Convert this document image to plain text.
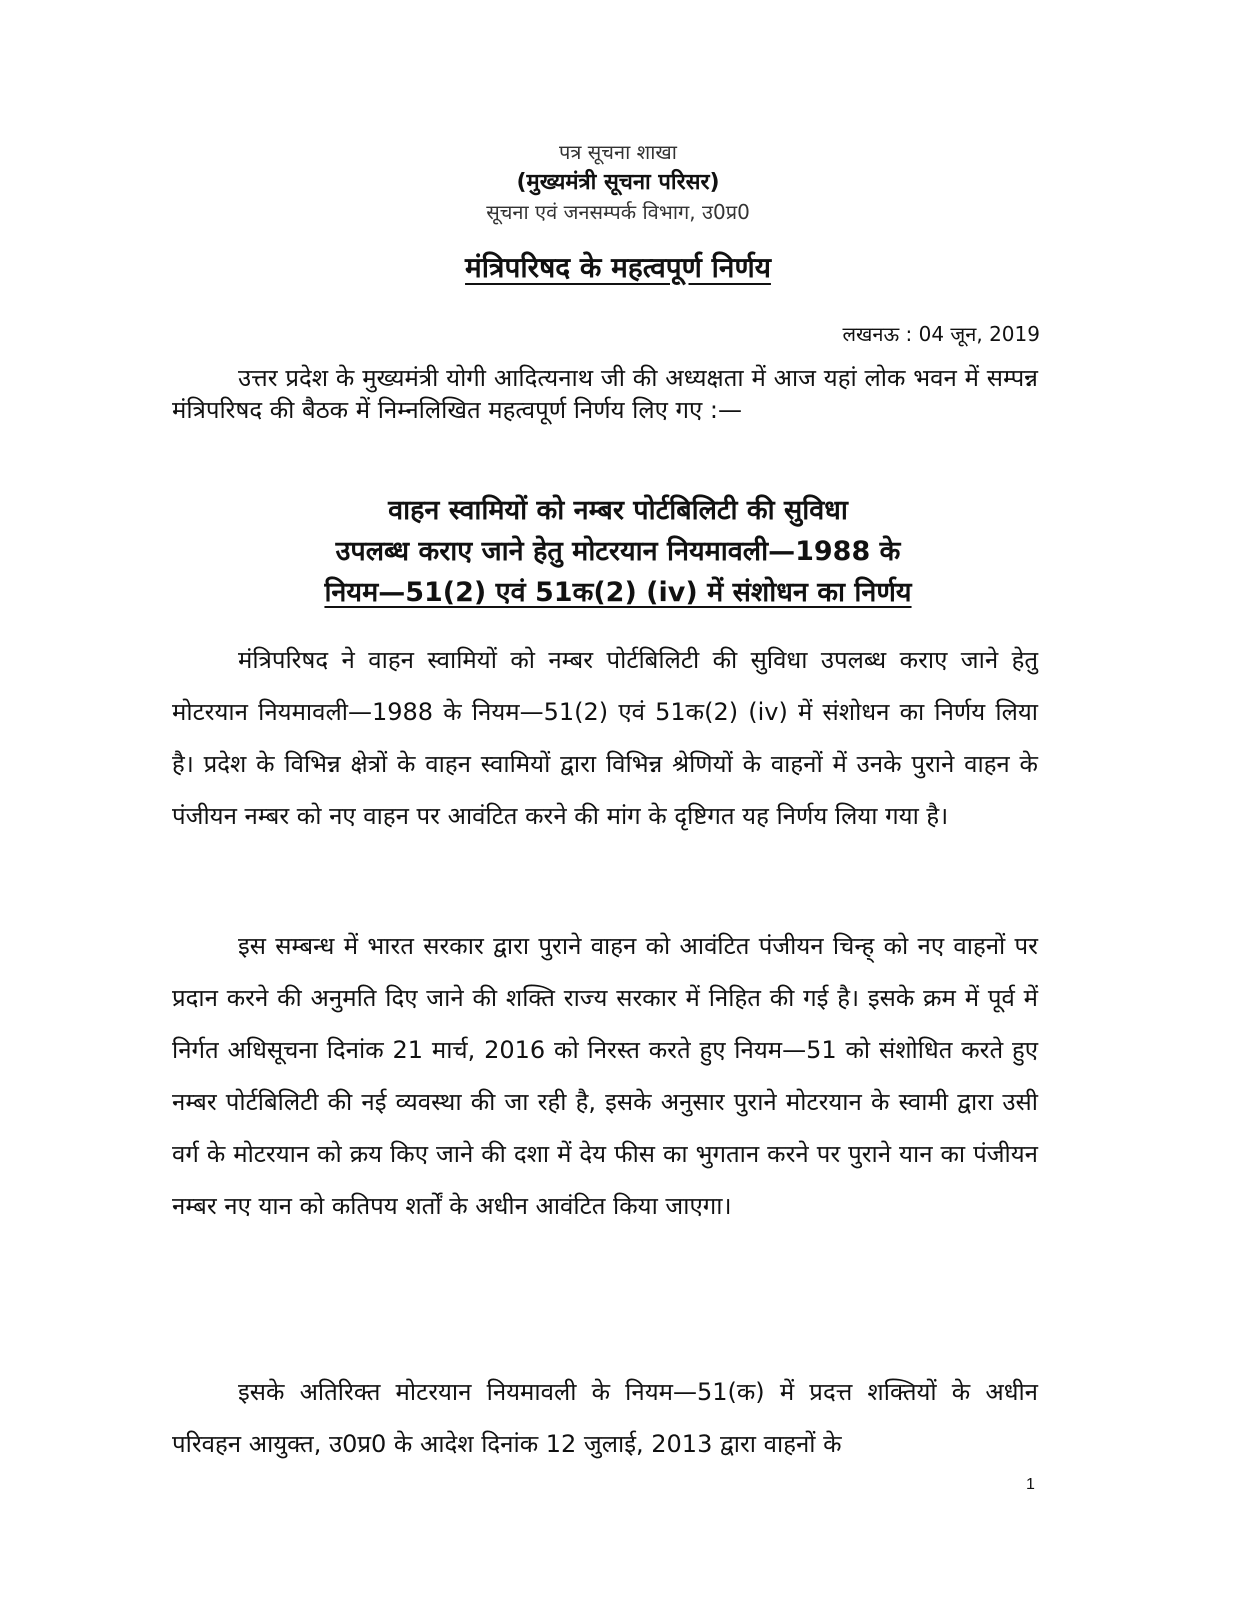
पत्र सूचना शाखा
(मुख्यमंत्री सूचना परिसर)
सूचना एवं जनसम्पर्क विभाग, उ0प्र0
मंत्रिपरिषद के महत्वपूर्ण निर्णय
लखनऊ : 04 जून, 2019

उत्तर प्रदेश के मुख्यमंत्री योगी आदित्यनाथ जी की अध्यक्षता में आज यहां लोक भवन में सम्पन्न मंत्रिपरिषद की बैठक में निम्नलिखित महत्वपूर्ण निर्णय लिए गए :—

वाहन स्वामियों को नम्बर पोर्टबिलिटी की सुविधा
उपलब्ध कराए जाने हेतु मोटरयान नियमावली—1988 के
नियम—51(2) एवं 51क(2) (iv) में संशोधन का निर्णय

मंत्रिपरिषद ने वाहन स्वामियों को नम्बर पोर्टबिलिटी की सुविधा उपलब्ध कराए जाने हेतु मोटरयान नियमावली—1988 के नियम—51(2) एवं 51क(2) (iv) में संशोधन का निर्णय लिया है। प्रदेश के विभिन्न क्षेत्रों के वाहन स्वामियों द्वारा विभिन्न श्रेणियों के वाहनों में उनके पुराने वाहन के पंजीयन नम्बर को नए वाहन पर आवंटित करने की मांग के दृष्टिगत यह निर्णय लिया गया है।

इस सम्बन्ध में भारत सरकार द्वारा पुराने वाहन को आवंटित पंजीयन चिन्ह् को नए वाहनों पर प्रदान करने की अनुमति दिए जाने की शक्ति राज्य सरकार में निहित की गई है। इसके क्रम में पूर्व में निर्गत अधिसूचना दिनांक 21 मार्च, 2016 को निरस्त करते हुए नियम—51 को संशोधित करते हुए नम्बर पोर्टबिलिटी की नई व्यवस्था की जा रही है, इसके अनुसार पुराने मोटरयान के स्वामी द्वारा उसी वर्ग के मोटरयान को क्रय किए जाने की दशा में देय फीस का भुगतान करने पर पुराने यान का पंजीयन नम्बर नए यान को कतिपय शर्तों के अधीन आवंटित किया जाएगा।

इसके अतिरिक्त मोटरयान नियमावली के नियम—51(क) में प्रदत्त शक्तियों के अधीन परिवहन आयुक्त, उ0प्र0 के आदेश दिनांक 12 जुलाई, 2013 द्वारा वाहनों के

1
